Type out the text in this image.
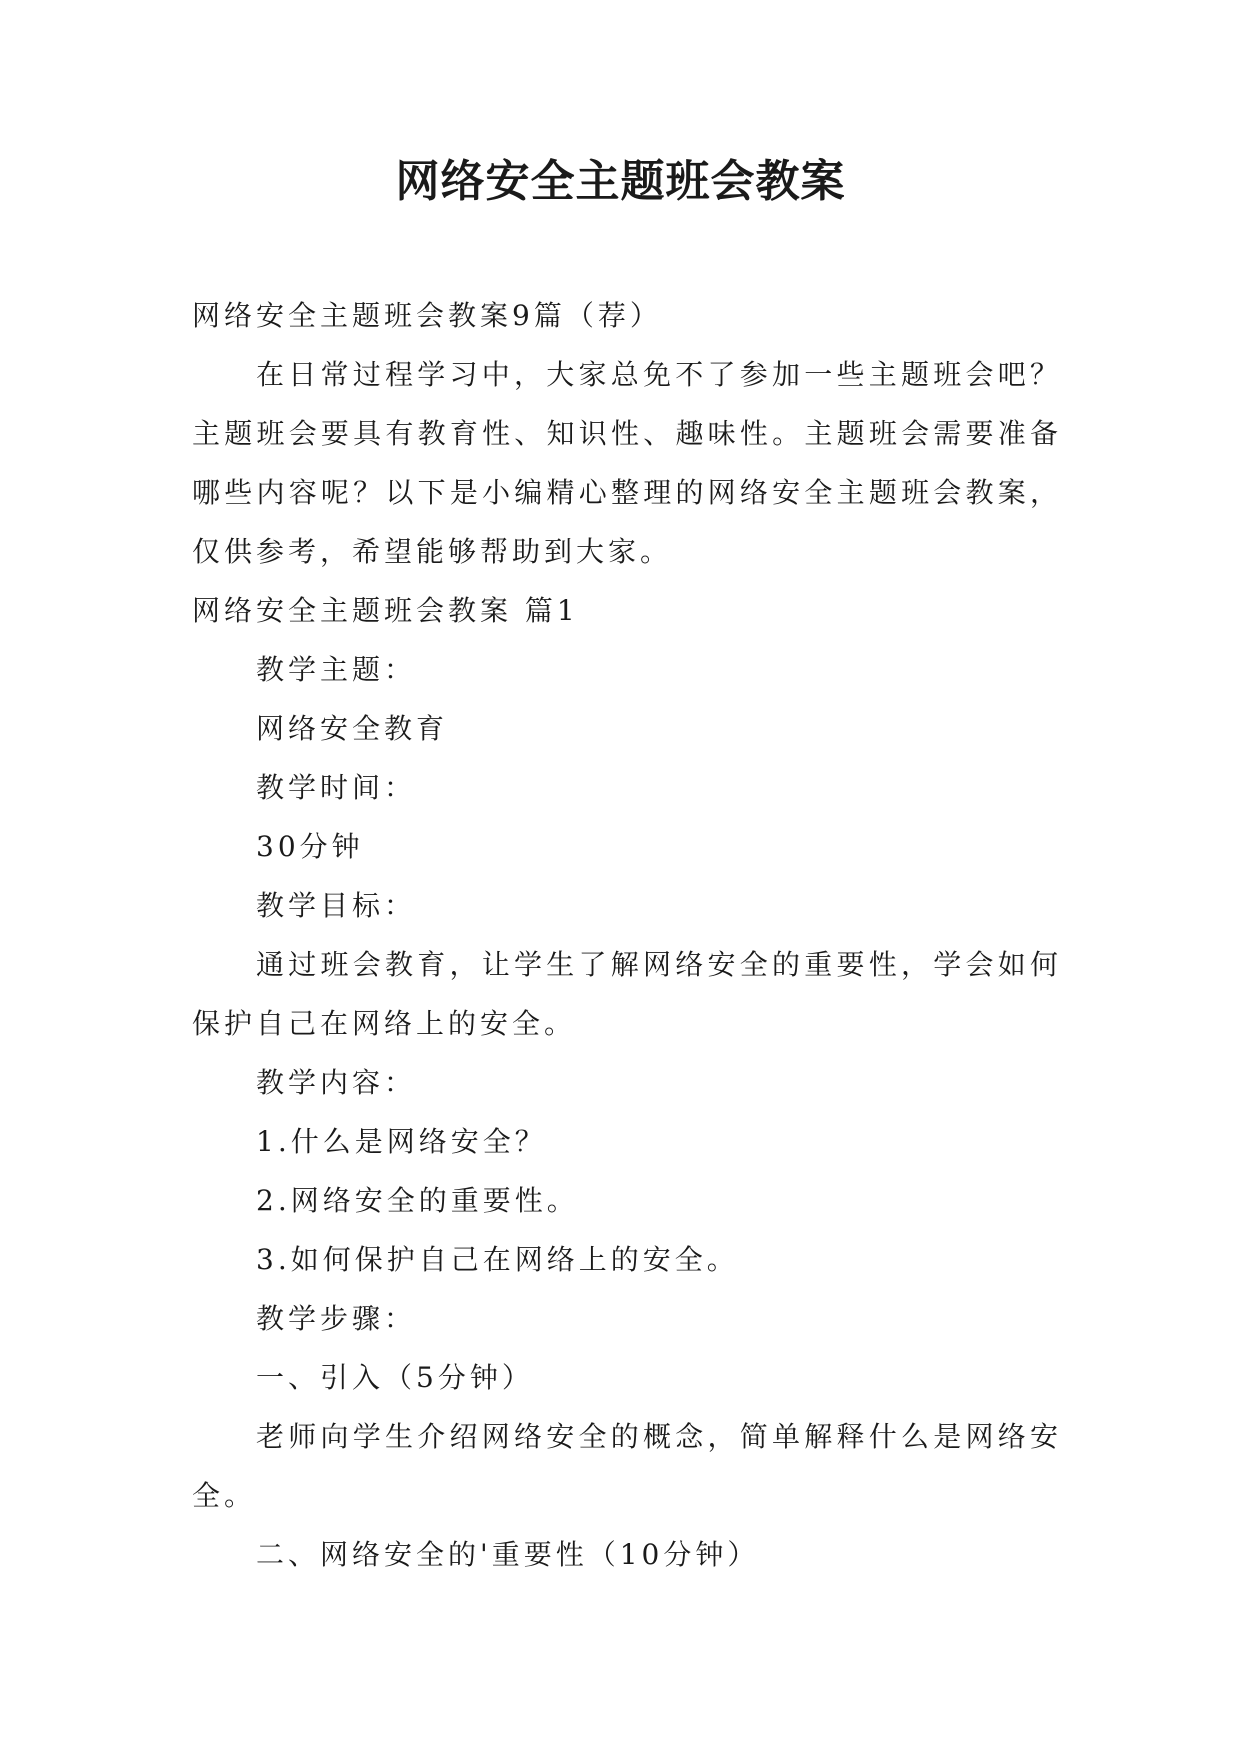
网络安全主题班会教案

网络安全主题班会教案9篇（荐）

在日常过程学习中，大家总免不了参加一些主题班会吧？主题班会要具有教育性、知识性、趣味性。主题班会需要准备哪些内容呢？以下是小编精心整理的网络安全主题班会教案，仅供参考，希望能够帮助到大家。

网络安全主题班会教案 篇1

教学主题：

网络安全教育

教学时间：

30分钟

教学目标：

通过班会教育，让学生了解网络安全的重要性，学会如何保护自己在网络上的安全。

教学内容：

1.什么是网络安全？

2.网络安全的重要性。

3.如何保护自己在网络上的安全。

教学步骤：

一、引入（5分钟）

老师向学生介绍网络安全的概念，简单解释什么是网络安全。

二、网络安全的'重要性（10分钟）
